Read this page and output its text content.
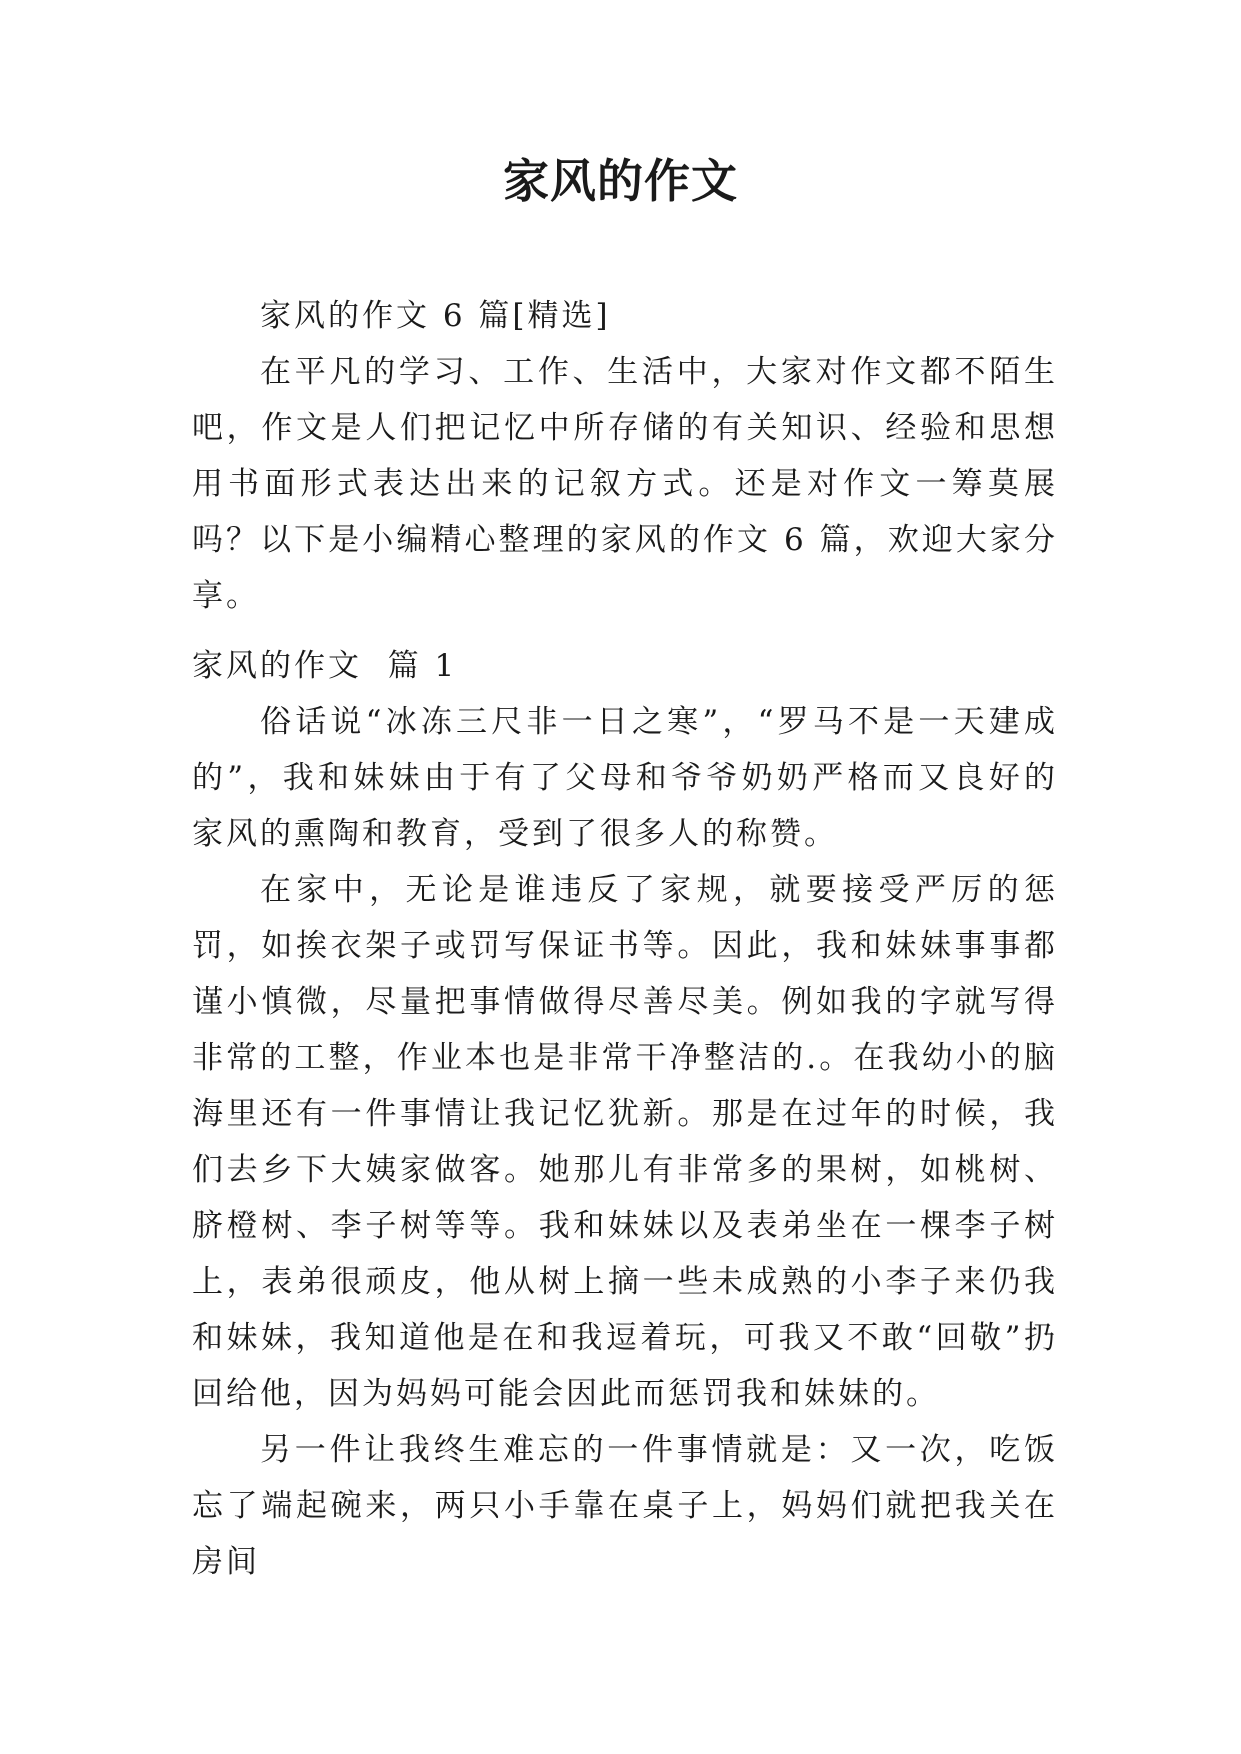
家风的作文

家风的作文 6 篇[精选]

在平凡的学习、工作、生活中，大家对作文都不陌生吧，作文是人们把记忆中所存储的有关知识、经验和思想用书面形式表达出来的记叙方式。还是对作文一筹莫展吗？以下是小编精心整理的家风的作文 6 篇，欢迎大家分享。

家风的作文  篇 1

俗话说“冰冻三尺非一日之寒”，“罗马不是一天建成的”，我和妹妹由于有了父母和爷爷奶奶严格而又良好的家风的熏陶和教育，受到了很多人的称赞。

在家中，无论是谁违反了家规，就要接受严厉的惩罚，如挨衣架子或罚写保证书等。因此，我和妹妹事事都谨小慎微，尽量把事情做得尽善尽美。例如我的字就写得非常的工整，作业本也是非常干净整洁的.。在我幼小的脑海里还有一件事情让我记忆犹新。那是在过年的时候，我们去乡下大姨家做客。她那儿有非常多的果树，如桃树、脐橙树、李子树等等。我和妹妹以及表弟坐在一棵李子树上，表弟很顽皮，他从树上摘一些未成熟的小李子来仍我和妹妹，我知道他是在和我逗着玩，可我又不敢“回敬”扔回给他，因为妈妈可能会因此而惩罚我和妹妹的。

另一件让我终生难忘的一件事情就是：又一次，吃饭忘了端起碗来，两只小手靠在桌子上，妈妈们就把我关在房间
